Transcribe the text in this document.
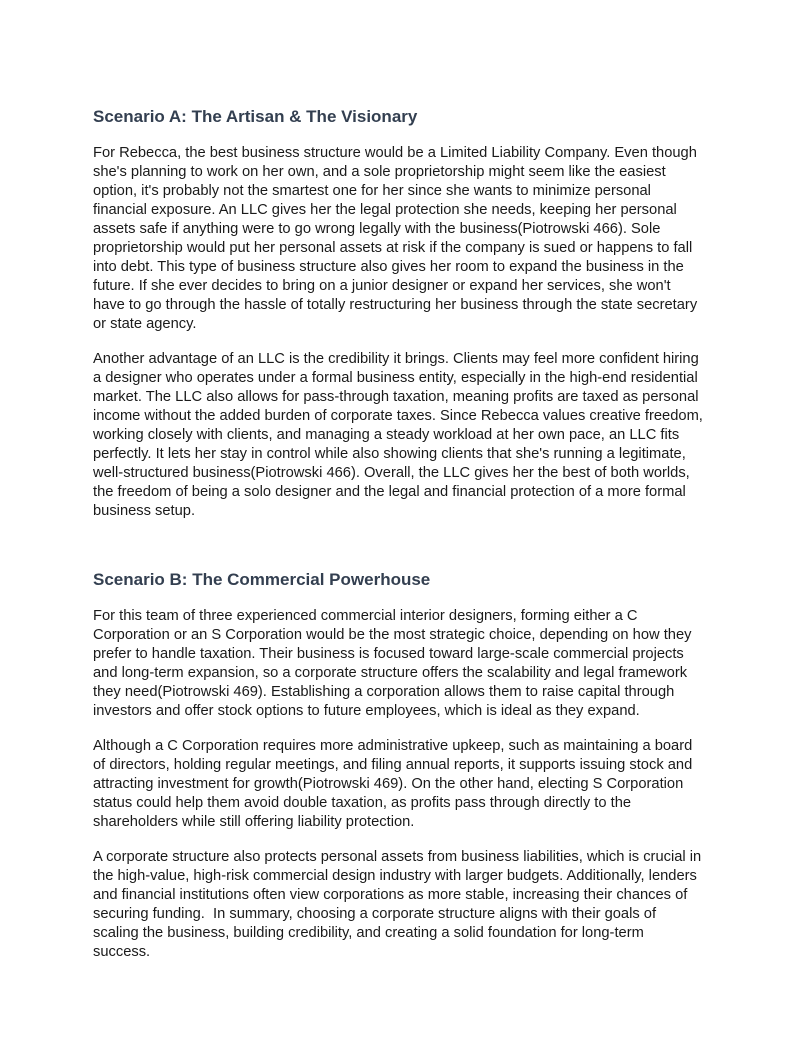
Scenario A: The Artisan & The Visionary

For Rebecca, the best business structure would be a Limited Liability Company. Even though she's planning to work on her own, and a sole proprietorship might seem like the easiest option, it's probably not the smartest one for her since she wants to minimize personal financial exposure. An LLC gives her the legal protection she needs, keeping her personal assets safe if anything were to go wrong legally with the business(Piotrowski 466). Sole proprietorship would put her personal assets at risk if the company is sued or happens to fall into debt. This type of business structure also gives her room to expand the business in the future. If she ever decides to bring on a junior designer or expand her services, she won't have to go through the hassle of totally restructuring her business through the state secretary or state agency.

Another advantage of an LLC is the credibility it brings. Clients may feel more confident hiring a designer who operates under a formal business entity, especially in the high-end residential market. The LLC also allows for pass-through taxation, meaning profits are taxed as personal income without the added burden of corporate taxes. Since Rebecca values creative freedom, working closely with clients, and managing a steady workload at her own pace, an LLC fits perfectly. It lets her stay in control while also showing clients that she's running a legitimate, well-structured business(Piotrowski 466). Overall, the LLC gives her the best of both worlds, the freedom of being a solo designer and the legal and financial protection of a more formal business setup.

Scenario B: The Commercial Powerhouse

For this team of three experienced commercial interior designers, forming either a C Corporation or an S Corporation would be the most strategic choice, depending on how they prefer to handle taxation. Their business is focused toward large-scale commercial projects and long-term expansion, so a corporate structure offers the scalability and legal framework they need(Piotrowski 469). Establishing a corporation allows them to raise capital through investors and offer stock options to future employees, which is ideal as they expand.

Although a C Corporation requires more administrative upkeep, such as maintaining a board of directors, holding regular meetings, and filing annual reports, it supports issuing stock and attracting investment for growth(Piotrowski 469). On the other hand, electing S Corporation status could help them avoid double taxation, as profits pass through directly to the shareholders while still offering liability protection.

A corporate structure also protects personal assets from business liabilities, which is crucial in the high-value, high-risk commercial design industry with larger budgets. Additionally, lenders and financial institutions often view corporations as more stable, increasing their chances of securing funding.  In summary, choosing a corporate structure aligns with their goals of scaling the business, building credibility, and creating a solid foundation for long-term success.
